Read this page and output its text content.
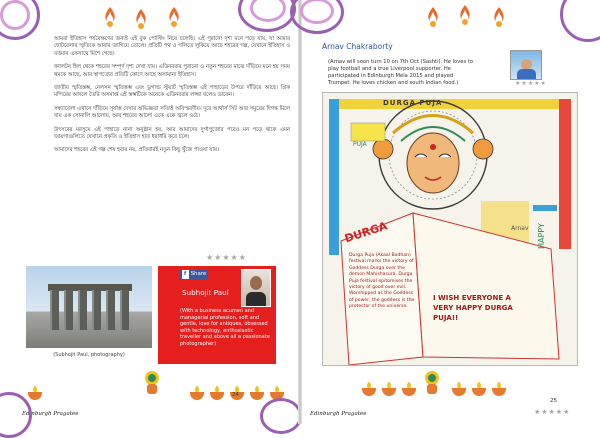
আমরা ইতিহাস পর্যবেক্ষণের জন্যই এই বুক পোস্টিং নিয়ে চলেছি। এই পুরানো দৃশ্য মনে পড়ে যায়, যা আমার ছোটবেলার স্মৃতিকে আবার জাগিয়ে তোলে। প্রতিটি পথ ও গলিতে লুকিয়ে আছে শহরের গল্প, যেখানে ইতিহাস ও বর্তমান একসাথে মিশে গেছে।

ক্যালটন হিল থেকে শহরের সম্পূর্ণ দৃশ্য দেখা যায়। এডিনবরার পুরানো ও নতুন শহরের মাঝে দাঁড়িয়ে মনে হয় সময় থমকে আছে, আর স্থাপত্যের প্রতিটি কোণে আছে অসামান্য ইতিহাস।

জাতীয় স্মৃতিস্তম্ভ, নেলসন স্মৃতিস্তম্ভ এবং ডুগাল্ড স্টুয়ার্ট স্মৃতিস্তম্ভ এই পাহাড়ের উপরে দাঁড়িয়ে আছে। গ্রিক মন্দিরের আদলে তৈরি অসমাপ্ত এই স্তম্ভটিকে অনেকে এডিনবরার লজ্জা বলেও ডাকেন।

সন্ধ্যাবেলা এখানে দাঁড়িয়ে সূর্যাস্ত দেখার অভিজ্ঞতা সত্যিই অবিস্মরণীয়। দূরে আর্থার্স সিট আর সমুদ্রের দিগন্ত মিলে যায় এক সোনালি আলোয়, আর শহরের আলো একে একে জ্বলে ওঠে।

উৎসবের মরসুমে এই পাহাড়ে নানা অনুষ্ঠান হয়, আর আমাদের দুর্গাপুজোর পরেও মন পড়ে থাকে এমন জায়গাগুলিতে যেখানে প্রকৃতি ও ইতিহাস হাত ধরাধরি করে চলে।

আমাদের শহরের এই গল্প শেষ হবার নয়, প্রতিবারই নতুন কিছু খুঁজে পাওয়া যায়।

(Subhojit Paul, photography)
f Share
Subhojit Paul
(With a business acumen and managerial profession, soft and gentle, love for antiques, obsessed with technology, enthusiastic traveller and above all a passionate photographer)
★★★★★
24
Edinburgh Pragatee
Arnav Chakraborty
(Arnav will soon turn 10 on 7th Oct (Sashti). He loves to play football and a true Liverpool supporter. He participated in Edinburgh Mela 2015 and played Trumpet. He loves chicken and south Indian food.)	★★★★★
DURGA PUJA
PUJA
HAPPY
Arnav
DURGA
Durga Puja (Akaal Bodhan) festival marks the victory of Goddess Durga over the demon Mahishasura. Durga Puja festival epitomises the victory of good over evil. Worshipped as the Goddess of power, the goddess is the protector of the universe.
I WISH EVERYONE A VERY HAPPY DURGA PUJA!!
25
Edinburgh Pragatee	★★★★★
